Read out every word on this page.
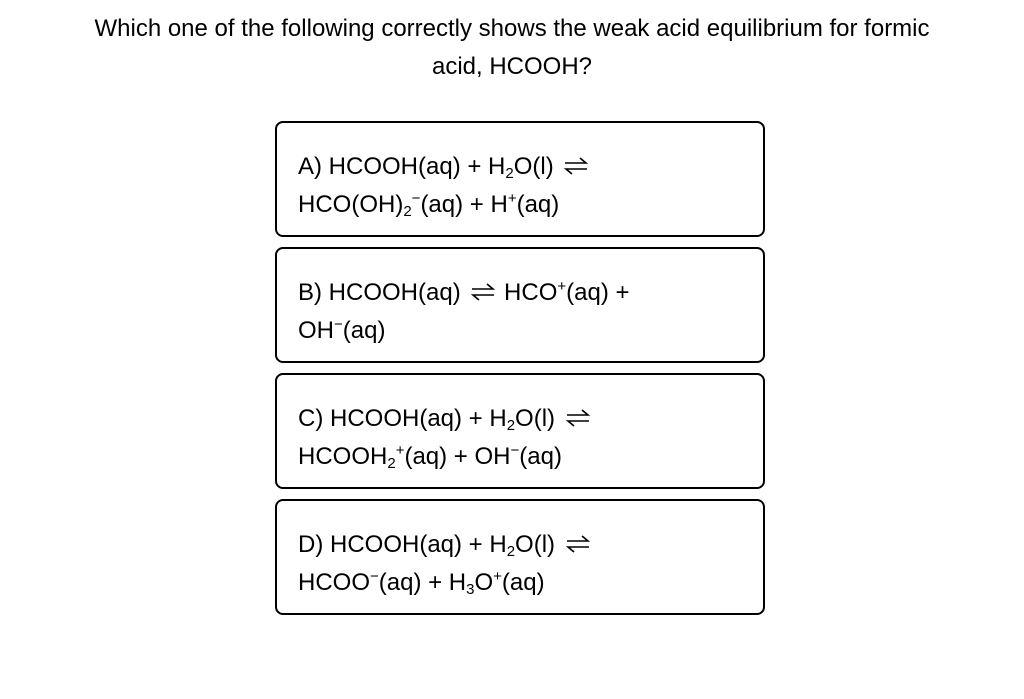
Which one of the following correctly shows the weak acid equilibrium for formic
acid, HCOOH?
A) HCOOH(aq) + $H_2O(l)$ ⇌
$HCO(OH)_2^-(aq) + H^+(aq)$
B) HCOOH(aq) ⇌ HCO+(aq) +
OH−(aq)
C) HCOOH(aq) + $H_2O(l)$ ⇌
$HCOOH_2^+(aq) + OH^-(aq)$
D) HCOOH(aq) + $H_2O(l)$ ⇌
HCOO−(aq) + $H_3O^+(aq)$
